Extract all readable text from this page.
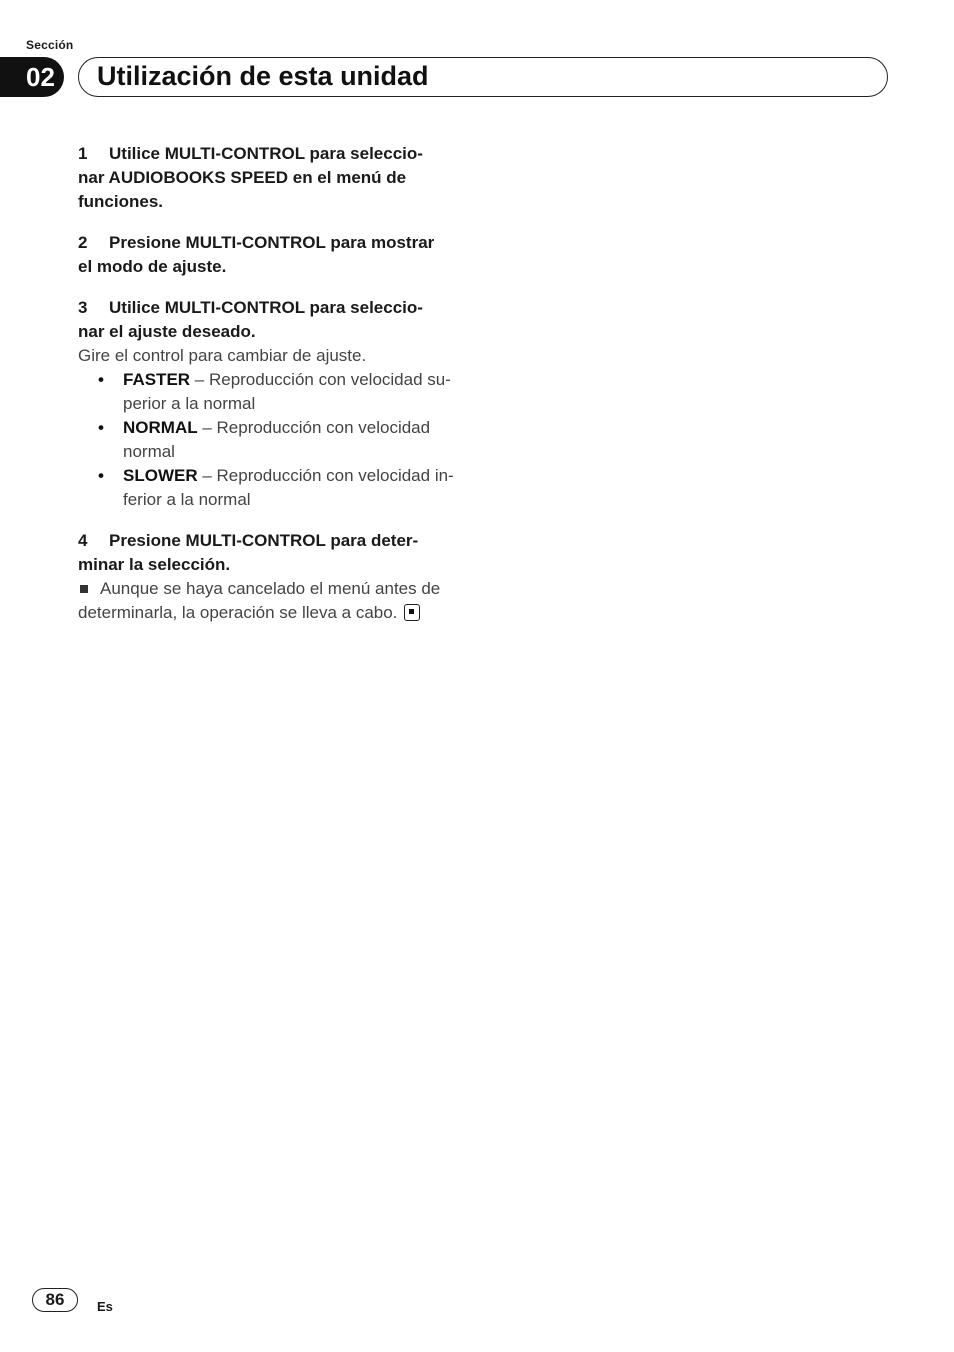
Sección
02	Utilización de esta unidad

1 Utilice MULTI-CONTROL para seleccio-
nar AUDIOBOOKS SPEED en el menú de
funciones.

2 Presione MULTI-CONTROL para mostrar
el modo de ajuste.

3 Utilice MULTI-CONTROL para seleccio-
nar el ajuste deseado.

Gire el control para cambiar de ajuste.

• FASTER – Reproducción con velocidad su-
perior a la normal
• NORMAL – Reproducción con velocidad
normal
• SLOWER – Reproducción con velocidad in-
ferior a la normal

4 Presione MULTI-CONTROL para deter-
minar la selección.

Aunque se haya cancelado el menú antes de
determinarla, la operación se lleva a cabo.

86	Es
